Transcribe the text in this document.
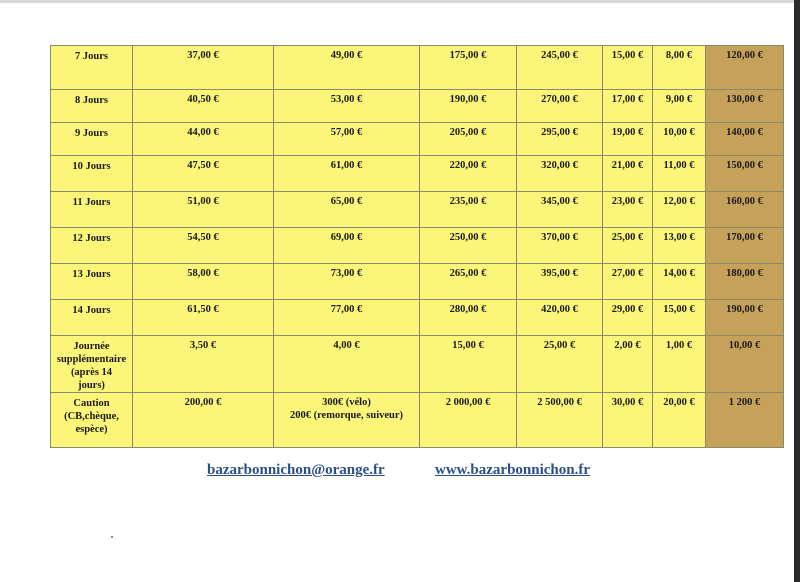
7 Jours	37,00 €	49,00 €	175,00 €	245,00 €	15,00 €	8,00 €	120,00 €
8 Jours	40,50 €	53,00 €	190,00 €	270,00 €	17,00 €	9,00 €	130,00 €
9 Jours	44,00 €	57,00 €	205,00 €	295,00 €	19,00 €	10,00 €	140,00 €
10 Jours	47,50 €	61,00 €	220,00 €	320,00 €	21,00 €	11,00 €	150,00 €
11 Jours	51,00 €	65,00 €	235,00 €	345,00 €	23,00 €	12,00 €	160,00 €
12 Jours	54,50 €	69,00 €	250,00 €	370,00 €	25,00 €	13,00 €	170,00 €
13 Jours	58,00 €	73,00 €	265,00 €	395,00 €	27,00 €	14,00 €	180,00 €
14 Jours	61,50 €	77,00 €	280,00 €	420,00 €	29,00 €	15,00 €	190,00 €
Journée
supplémentaire
(après 14
jours)	3,50 €	4,00 €	15,00 €	25,00 €	2,00 €	1,00 €	10,00 €
Caution
(CB,chèque,
espèce)	200,00 €	300€ (vélo)
200€ (remorque, suiveur)	2 000,00 €	2 500,00 €	30,00 €	20,00 €	1 200 €
bazarbonnichon@orange.fr	www.bazarbonnichon.fr
